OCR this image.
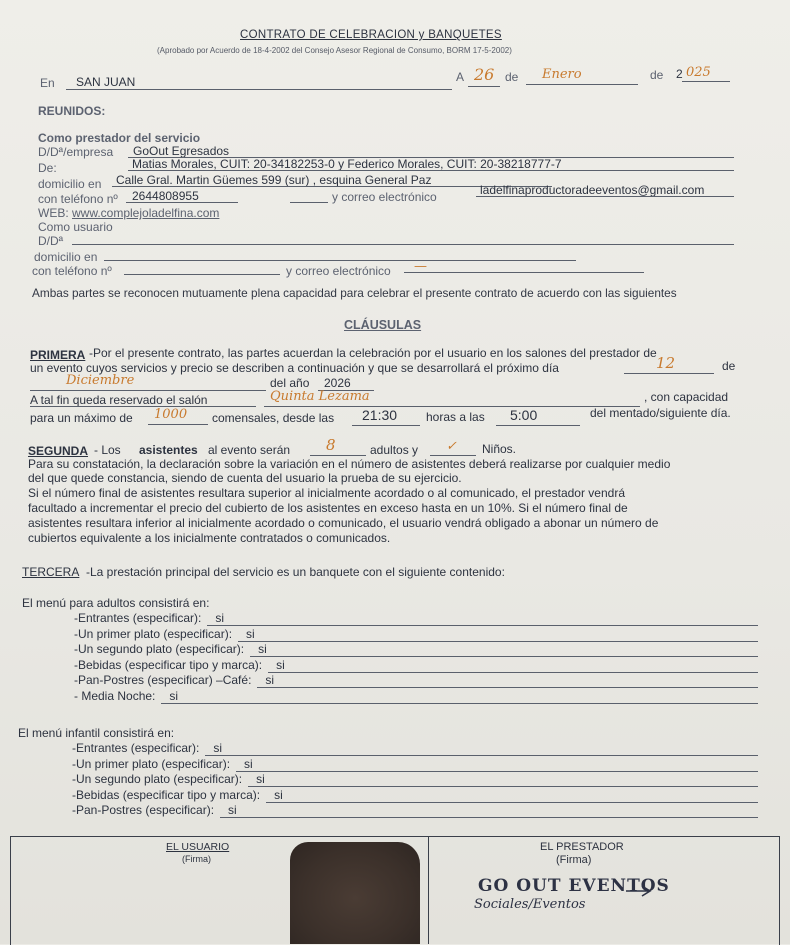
CONTRATO DE CELEBRACION y BANQUETES
(Aprobado por Acuerdo de 18-4-2002 del Consejo Asesor Regional de Consumo, BORM 17-5-2002)
En SAN JUAN	A 26 de Enero	de 2 025
REUNIDOS:
Como prestador del servicio
D/Dª/empresa GoOut Egresados
De:	Matias Morales, CUIT: 20-34182253-0 y Federico Morales, CUIT: 20-38218777-7
domicilio en Calle Gral. Martin Güemes 599 (sur) , esquina General Paz
con teléfono nº 2644808955	y correo electrónico	ladelfinaproductoradeeventos@gmail.com
WEB: www.complejoladelfina.com
Como usuario
D/Dª
domicilio en
con teléfono nº	y correo electrónico —
Ambas partes se reconocen mutuamente plena capacidad para celebrar el presente contrato de acuerdo con las siguientes
CLÁUSULAS
PRIMERA -Por el presente contrato, las partes acuerdan la celebración por el usuario en los salones del prestador de
un evento cuyos servicios y precio se describen a continuación y que se desarrollará el próximo día	12	de
Diciembre	del año 2026
A tal fin queda reservado el salón	Quinta Lezama	, con capacidad
para un máximo de 1000 comensales, desde las 21:30 horas a las 5:00	del mentado/siguiente día.
SEGUNDA - Los asistentes al evento serán 8	adultos y ✓ Niños.
Para su constatación, la declaración sobre la variación en el número de asistentes deberá realizarse por cualquier medio
del que quede constancia, siendo de cuenta del usuario la prueba de su ejercicio.
Si el número final de asistentes resultara superior al inicialmente acordado o al comunicado, el prestador vendrá
facultado a incrementar el precio del cubierto de los asistentes en exceso hasta en un 10%. Si el número final de
asistentes resultara inferior al inicialmente acordado o comunicado, el usuario vendrá obligado a abonar un número de
cubiertos equivalente a los inicialmente contratados o comunicados.
TERCERA -La prestación principal del servicio es un banquete con el siguiente contenido:
El menú para adultos consistirá en:
-Entrantes (especificar): si
-Un primer plato (especificar): si
-Un segundo plato (especificar): si
-Bebidas (especificar tipo y marca): si
-Pan-Postres (especificar) –Café: si
- Media Noche: si
El menú infantil consistirá en:
-Entrantes (especificar): si
-Un primer plato (especificar): si
-Un segundo plato (especificar): si
-Bebidas (especificar tipo y marca): si
-Pan-Postres (especificar): si
EL USUARIO
(Firma)
EL PRESTADOR
(Firma)
GO OUT EVENTOS
Sociales/Eventos
